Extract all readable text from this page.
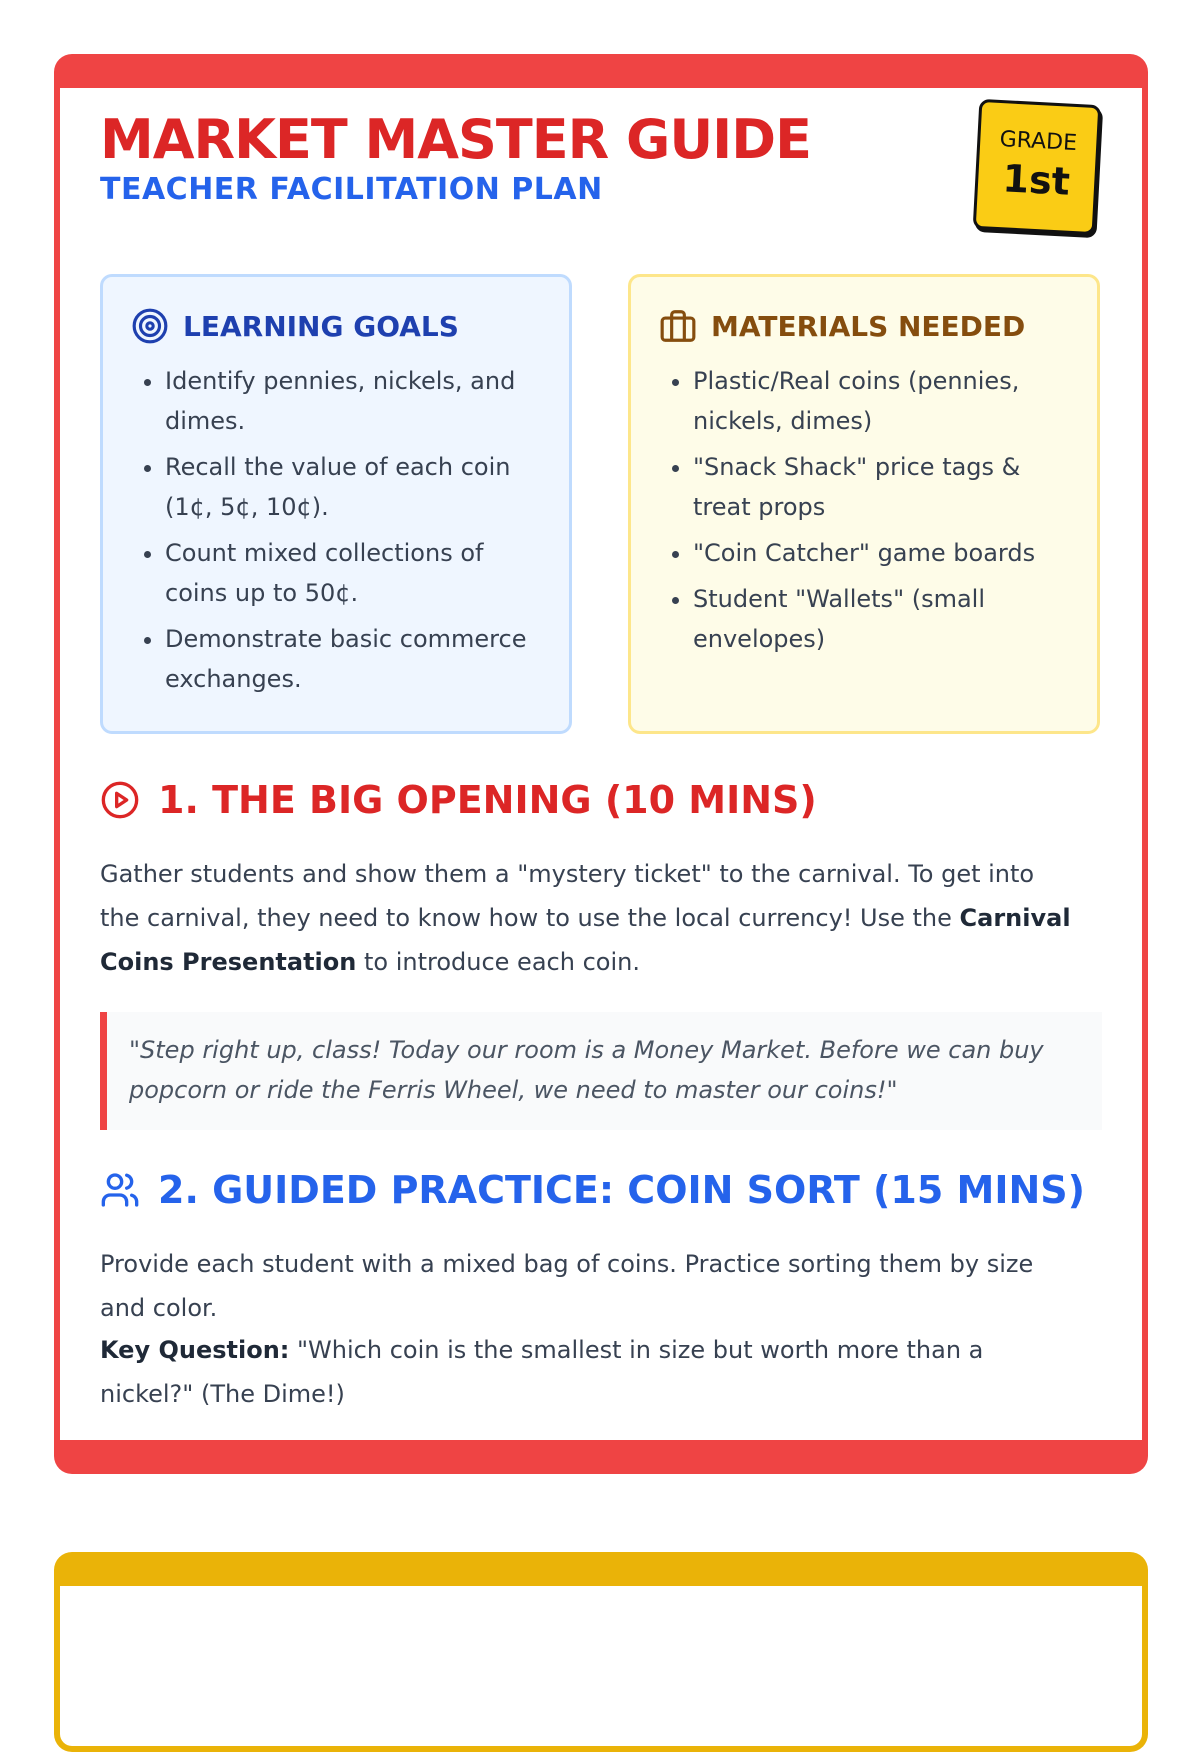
MARKET MASTER GUIDE
TEACHER FACILITATION PLAN
GRADE
1st
LEARNING GOALS
• Identify pennies, nickels, and dimes.
• Recall the value of each coin (1¢, 5¢, 10¢).
• Count mixed collections of coins up to 50¢.
• Demonstrate basic commerce exchanges.
MATERIALS NEEDED
• Plastic/Real coins (pennies, nickels, dimes)
• "Snack Shack" price tags & treat props
• "Coin Catcher" game boards
• Student "Wallets" (small envelopes)
1. THE BIG OPENING (10 MINS)

Gather students and show them a "mystery ticket" to the carnival. To get into the carnival, they need to know how to use the local currency! Use the Carnival Coins Presentation to introduce each coin.

"Step right up, class! Today our room is a Money Market. Before we can buy popcorn or ride the Ferris Wheel, we need to master our coins!"

2. GUIDED PRACTICE: COIN SORT (15 MINS)

Provide each student with a mixed bag of coins. Practice sorting them by size and color.

Key Question: "Which coin is the smallest in size but worth more than a nickel?" (The Dime!)
